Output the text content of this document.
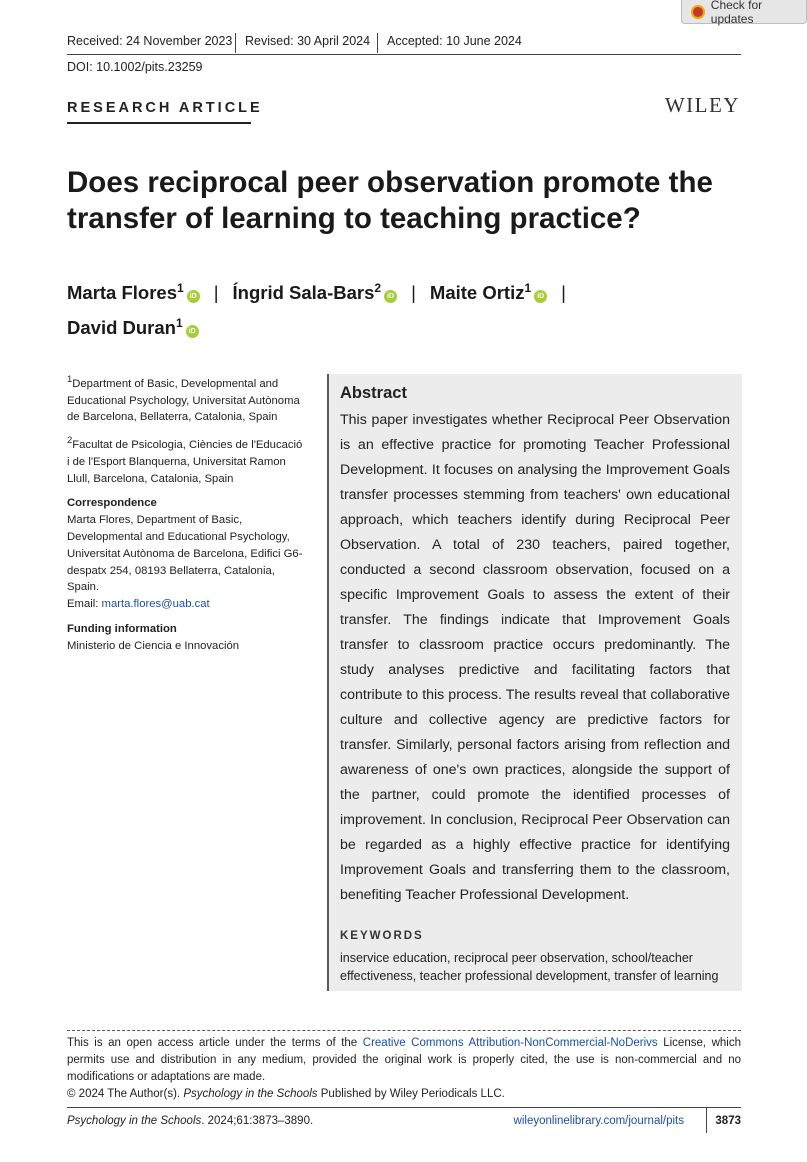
Received: 24 November 2023 Revised: 30 April 2024 Accepted: 10 June 2024
DOI: 10.1002/pits.23259
Check for updates
RESEARCH ARTICLE	WILEY
Does reciprocal peer observation promote the transfer of learning to teaching practice?
Marta Flores$^1$iD | Íngrid Sala-Bars$^2$iD | Maite Ortiz$^1$iD |
David Duran$^1$iD

$^1$Department of Basic, Developmental and Educational Psychology, Universitat Autònoma de Barcelona, Bellaterra, Catalonia, Spain

$^2$Facultat de Psicologia, Ciències de l'Educació i de l'Esport Blanquerna, Universitat Ramon Llull, Barcelona, Catalonia, Spain

Correspondence

Marta Flores, Department of Basic, Developmental and Educational Psychology, Universitat Autònoma de Barcelona, Edifici G6-despatx 254, 08193 Bellaterra, Catalonia, Spain.
Email: marta.flores@uab.cat

Funding information

Ministerio de Ciencia e Innovación

Abstract
This paper investigates whether Reciprocal Peer Observation is an effective practice for promoting Teacher Professional Development. It focuses on analysing the Improvement Goals transfer processes stemming from teachers' own educational approach, which teachers identify during Reciprocal Peer Observation. A total of 230 teachers, paired together, conducted a second classroom observation, focused on a specific Improvement Goals to assess the extent of their transfer. The findings indicate that Improvement Goals transfer to classroom practice occurs predominantly. The study analyses predictive and facilitating factors that contribute to this process. The results reveal that collaborative culture and collective agency are predictive factors for transfer. Similarly, personal factors arising from reflection and awareness of one's own practices, alongside the support of the partner, could promote the identified processes of improvement. In conclusion, Reciprocal Peer Observation can be regarded as a highly effective practice for identifying Improvement Goals and transferring them to the classroom, benefiting Teacher Professional Development.
KEYWORDS
inservice education, reciprocal peer observation, school/teacher effectiveness, teacher professional development, transfer of learning
This is an open access article under the terms of the Creative Commons Attribution-NonCommercial-NoDerivs License, which permits use and distribution in any medium, provided the original work is properly cited, the use is non-commercial and no modifications or adaptations are made.
© 2024 The Author(s). Psychology in the Schools Published by Wiley Periodicals LLC.
Psychology in the Schools. 2024;61:3873–3890.	wileyonlinelibrary.com/journal/pits	3873
